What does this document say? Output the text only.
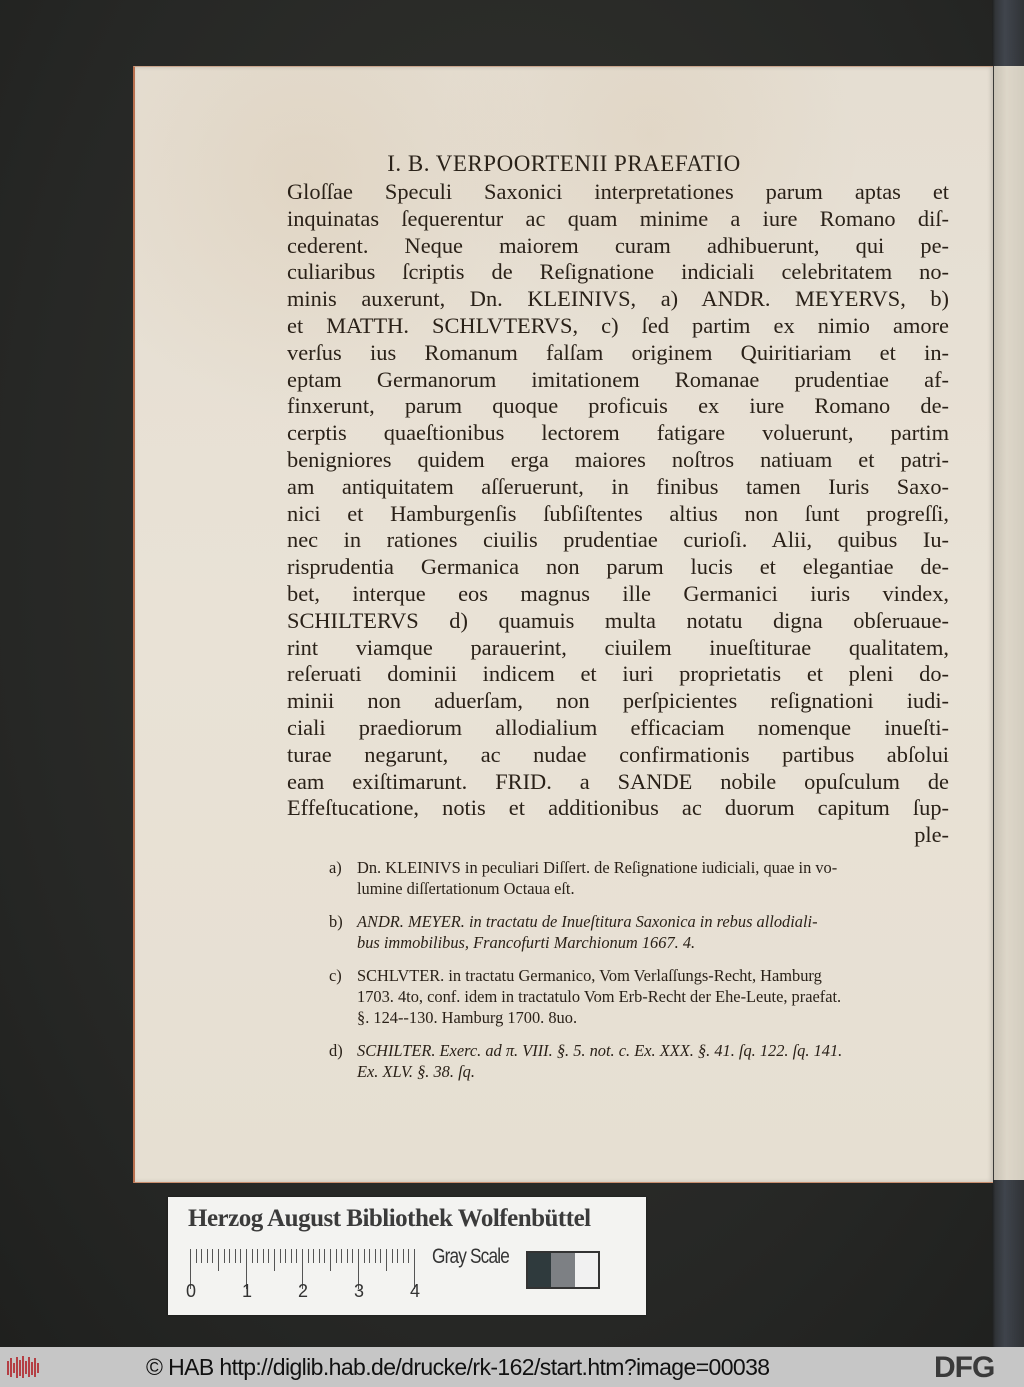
I. B. VERPOORTENII PRAEFATIO
Gloſſae Speculi Saxonici interpretationes parum aptas et
inquinatas ſequerentur ac quam minime a iure Romano diſ-
cederent. Neque maiorem curam adhibuerunt, qui pe-
culiaribus ſcriptis de Reſignatione indiciali celebritatem no-
minis auxerunt, Dn. KLEINIVS, a) ANDR. MEYERVS, b)
et MATTH. SCHLVTERVS, c) ſed partim ex nimio amore
verſus ius Romanum falſam originem Quiritiariam et in-
eptam Germanorum imitationem Romanae prudentiae af-
finxerunt, parum quoque proficuis ex iure Romano de-
cerptis quaeſtionibus lectorem fatigare voluerunt, partim
benigniores quidem erga maiores noſtros natiuam et patri-
am antiquitatem aſſeruerunt, in finibus tamen Iuris Saxo-
nici et Hamburgenſis ſubſiſtentes altius non ſunt progreſſi,
nec in rationes ciuilis prudentiae curioſi. Alii, quibus Iu-
risprudentia Germanica non parum lucis et elegantiae de-
bet, interque eos magnus ille Germanici iuris vindex,
SCHILTERVS d) quamuis multa notatu digna obſeruaue-
rint viamque parauerint, ciuilem inueſtiturae qualitatem,
reſeruati dominii indicem et iuri proprietatis et pleni do-
minii non aduerſam, non perſpicientes reſignationi iudi-
ciali praediorum allodialium efficaciam nomenque inueſti-
turae negarunt, ac nudae confirmationis partibus abſolui
eam exiſtimarunt. FRID. a SANDE nobile opuſculum de
Effeſtucatione, notis et additionibus ac duorum capitum ſup-
ple-
a) Dn. KLEINIVS in peculiari Diſſert. de Reſignatione iudiciali, quae in vo-
lumine diſſertationum Octaua eſt.
b) ANDR. MEYER. in tractatu de Inueſtitura Saxonica in rebus allodiali-
bus immobilibus, Francofurti Marchionum 1667. 4.
c) SCHLVTER. in tractatu Germanico, Vom Verlaſſungs-Recht, Hamburg
1703. 4to, conf. idem in tractatulo Vom Erb-Recht der Ehe-Leute, praefat.
§. 124--130. Hamburg 1700. 8uo.
d) SCHILTER. Exerc. ad π. VIII. §. 5. not. c. Ex. XXX. §. 41. ſq. 122. ſq. 141.
Ex. XLV. §. 38. ſq.
Herzog August Bibliothek Wolfenbüttel
0	1	2	3	4
Gray Scale
© HAB http://diglib.hab.de/drucke/rk-162/start.htm?image=00038	DFG
